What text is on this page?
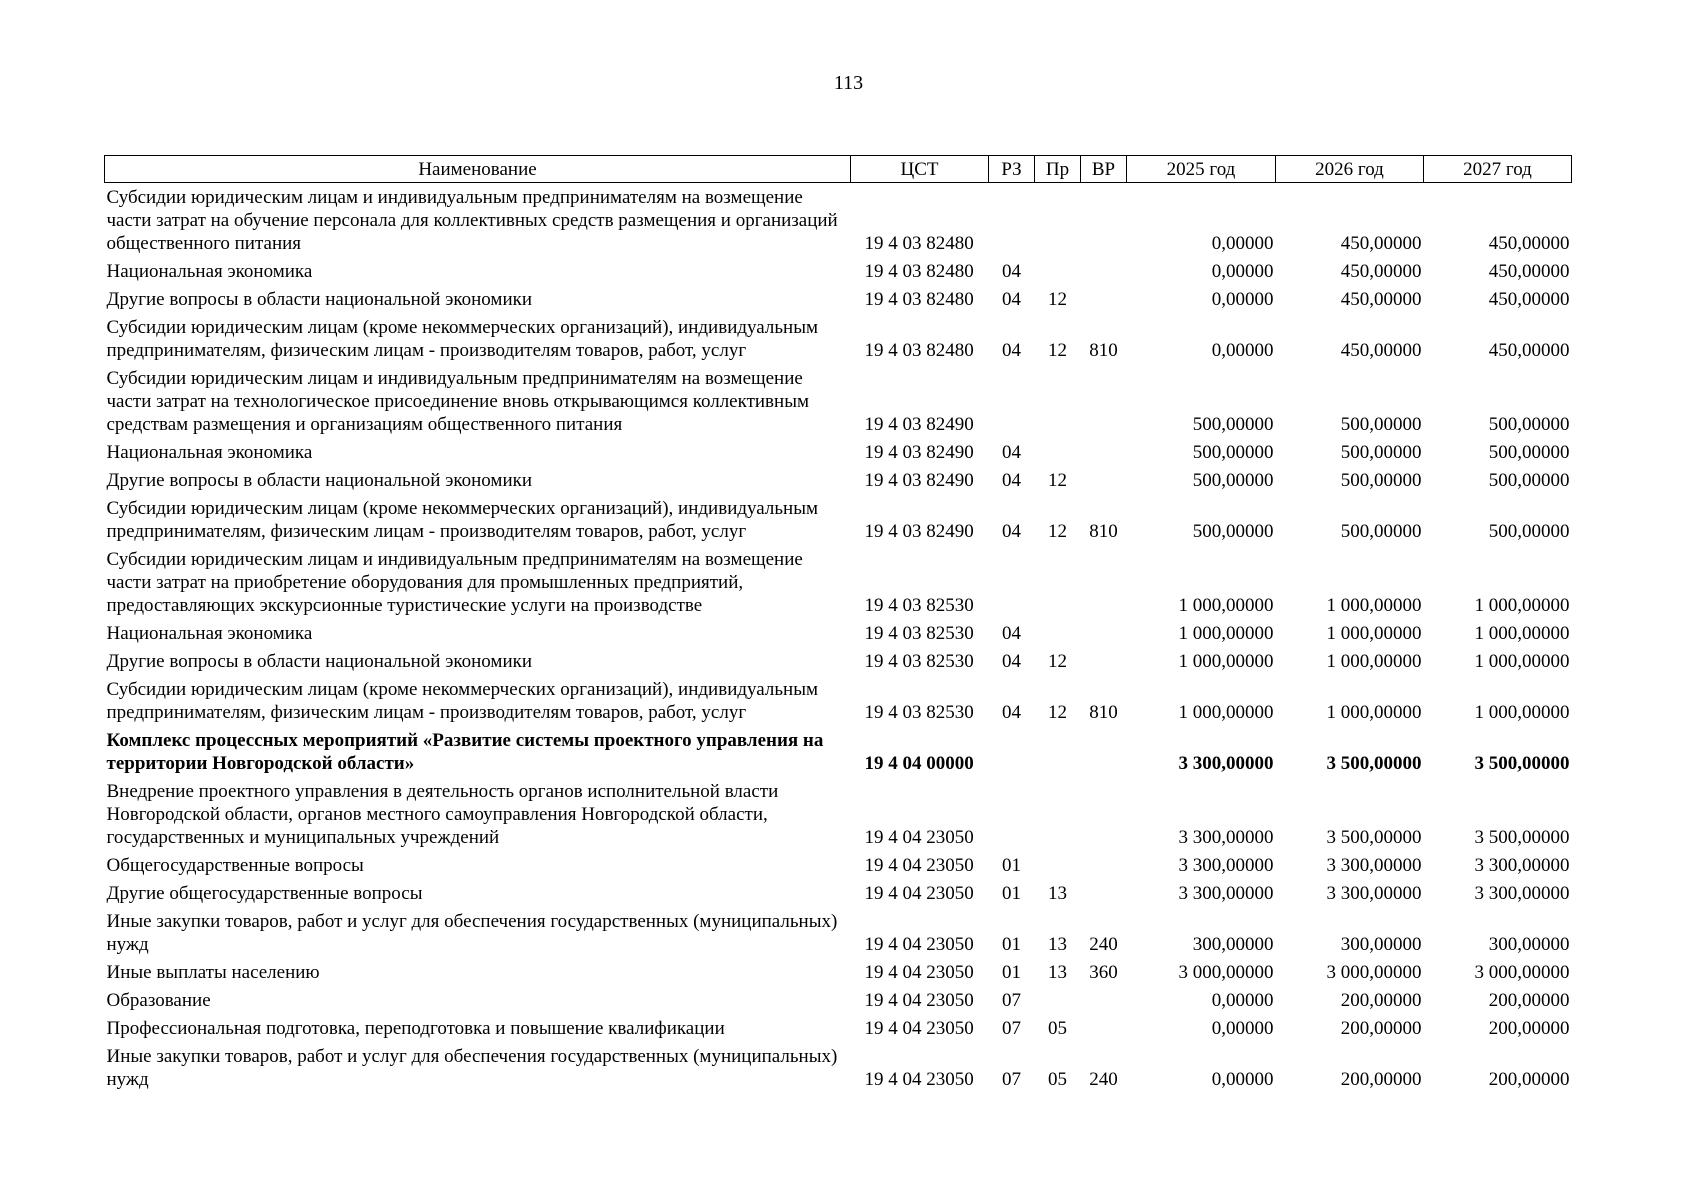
113
Наименование	ЦСТ	РЗ	Пр	ВР	2025 год	2026 год	2027 год
Субсидии юридическим лицам и индивидуальным предпринимателям на возмещение части затрат на обучение персонала для коллективных средств размещения и организаций общественного питания	19 4 03 82480				0,00000	450,00000	450,00000
Национальная экономика	19 4 03 82480	04			0,00000	450,00000	450,00000
Другие вопросы в области национальной экономики	19 4 03 82480	04	12		0,00000	450,00000	450,00000
Субсидии юридическим лицам (кроме некоммерческих организаций), индивидуальным предпринимателям, физическим лицам - производителям товаров, работ, услуг	19 4 03 82480	04	12	810	0,00000	450,00000	450,00000
Субсидии юридическим лицам и индивидуальным предпринимателям на возмещение части затрат на технологическое присоединение вновь открывающимся коллективным средствам размещения и организациям общественного питания	19 4 03 82490				500,00000	500,00000	500,00000
Национальная экономика	19 4 03 82490	04			500,00000	500,00000	500,00000
Другие вопросы в области национальной экономики	19 4 03 82490	04	12		500,00000	500,00000	500,00000
Субсидии юридическим лицам (кроме некоммерческих организаций), индивидуальным предпринимателям, физическим лицам - производителям товаров, работ, услуг	19 4 03 82490	04	12	810	500,00000	500,00000	500,00000
Субсидии юридическим лицам и индивидуальным предпринимателям на возмещение части затрат на приобретение оборудования для промышленных предприятий, предоставляющих экскурсионные туристические услуги на производстве	19 4 03 82530				1 000,00000	1 000,00000	1 000,00000
Национальная экономика	19 4 03 82530	04			1 000,00000	1 000,00000	1 000,00000
Другие вопросы в области национальной экономики	19 4 03 82530	04	12		1 000,00000	1 000,00000	1 000,00000
Субсидии юридическим лицам (кроме некоммерческих организаций), индивидуальным предпринимателям, физическим лицам - производителям товаров, работ, услуг	19 4 03 82530	04	12	810	1 000,00000	1 000,00000	1 000,00000
Комплекс процессных мероприятий «Развитие системы проектного управления на территории Новгородской области»	19 4 04 00000				3 300,00000	3 500,00000	3 500,00000
Внедрение проектного управления в деятельность органов исполнительной власти Новгородской области, органов местного самоуправления Новгородской области, государственных и муниципальных учреждений	19 4 04 23050				3 300,00000	3 500,00000	3 500,00000
Общегосударственные вопросы	19 4 04 23050	01			3 300,00000	3 300,00000	3 300,00000
Другие общегосударственные вопросы	19 4 04 23050	01	13		3 300,00000	3 300,00000	3 300,00000
Иные закупки товаров, работ и услуг для обеспечения государственных (муниципальных) нужд	19 4 04 23050	01	13	240	300,00000	300,00000	300,00000
Иные выплаты населению	19 4 04 23050	01	13	360	3 000,00000	3 000,00000	3 000,00000
Образование	19 4 04 23050	07			0,00000	200,00000	200,00000
Профессиональная подготовка, переподготовка и повышение квалификации	19 4 04 23050	07	05		0,00000	200,00000	200,00000
Иные закупки товаров, работ и услуг для обеспечения государственных (муниципальных) нужд	19 4 04 23050	07	05	240	0,00000	200,00000	200,00000
